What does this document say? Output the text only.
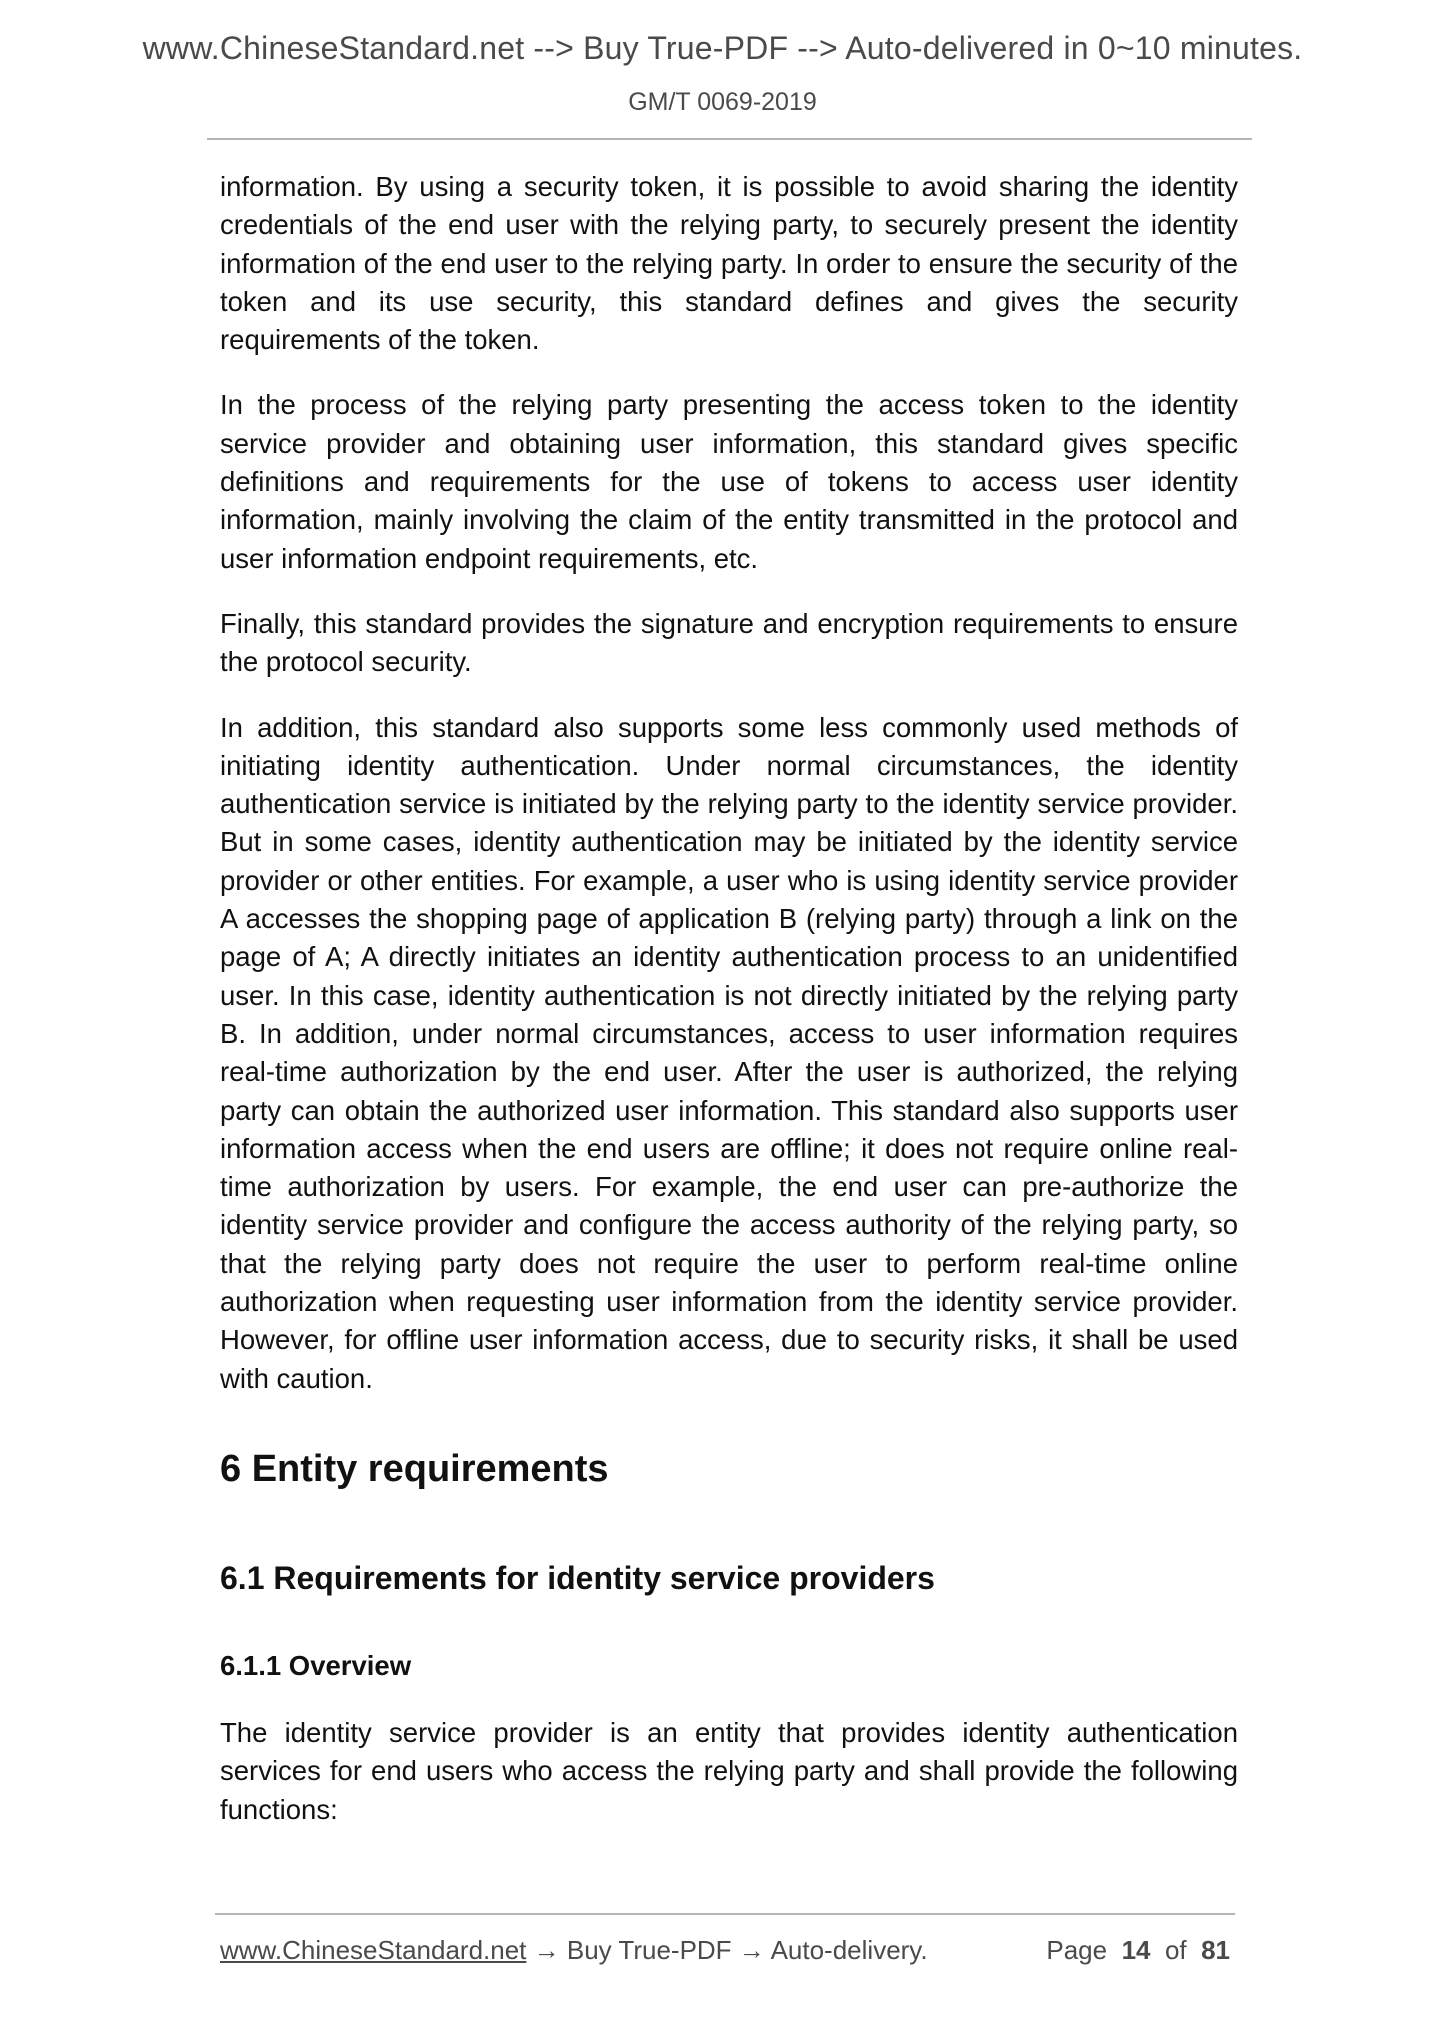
www.ChineseStandard.net --> Buy True-PDF --> Auto-delivered in 0~10 minutes.
GM/T 0069-2019

information. By using a security token, it is possible to avoid sharing the identity credentials of the end user with the relying party, to securely present the identity information of the end user to the relying party. In order to ensure the security of the token and its use security, this standard defines and gives the security requirements of the token.

In the process of the relying party presenting the access token to the identity service provider and obtaining user information, this standard gives specific definitions and requirements for the use of tokens to access user identity information, mainly involving the claim of the entity transmitted in the protocol and user information endpoint requirements, etc.

Finally, this standard provides the signature and encryption requirements to ensure the protocol security.

In addition, this standard also supports some less commonly used methods of initiating identity authentication. Under normal circumstances, the identity authentication service is initiated by the relying party to the identity service provider. But in some cases, identity authentication may be initiated by the identity service provider or other entities. For example, a user who is using identity service provider A accesses the shopping page of application B (relying party) through a link on the page of A; A directly initiates an identity authentication process to an unidentified user. In this case, identity authentication is not directly initiated by the relying party B. In addition, under normal circumstances, access to user information requires real-time authorization by the end user. After the user is authorized, the relying party can obtain the authorized user information. This standard also supports user information access when the end users are offline; it does not require online real-time authorization by users. For example, the end user can pre-authorize the identity service provider and configure the access authority of the relying party, so that the relying party does not require the user to perform real-time online authorization when requesting user information from the identity service provider. However, for offline user information access, due to security risks, it shall be used with caution.

6 Entity requirements
6.1 Requirements for identity service providers
6.1.1 Overview

The identity service provider is an entity that provides identity authentication services for end users who access the relying party and shall provide the following functions:

www.ChineseStandard.net → Buy True-PDF → Auto-delivery.	Page 14 of 81
